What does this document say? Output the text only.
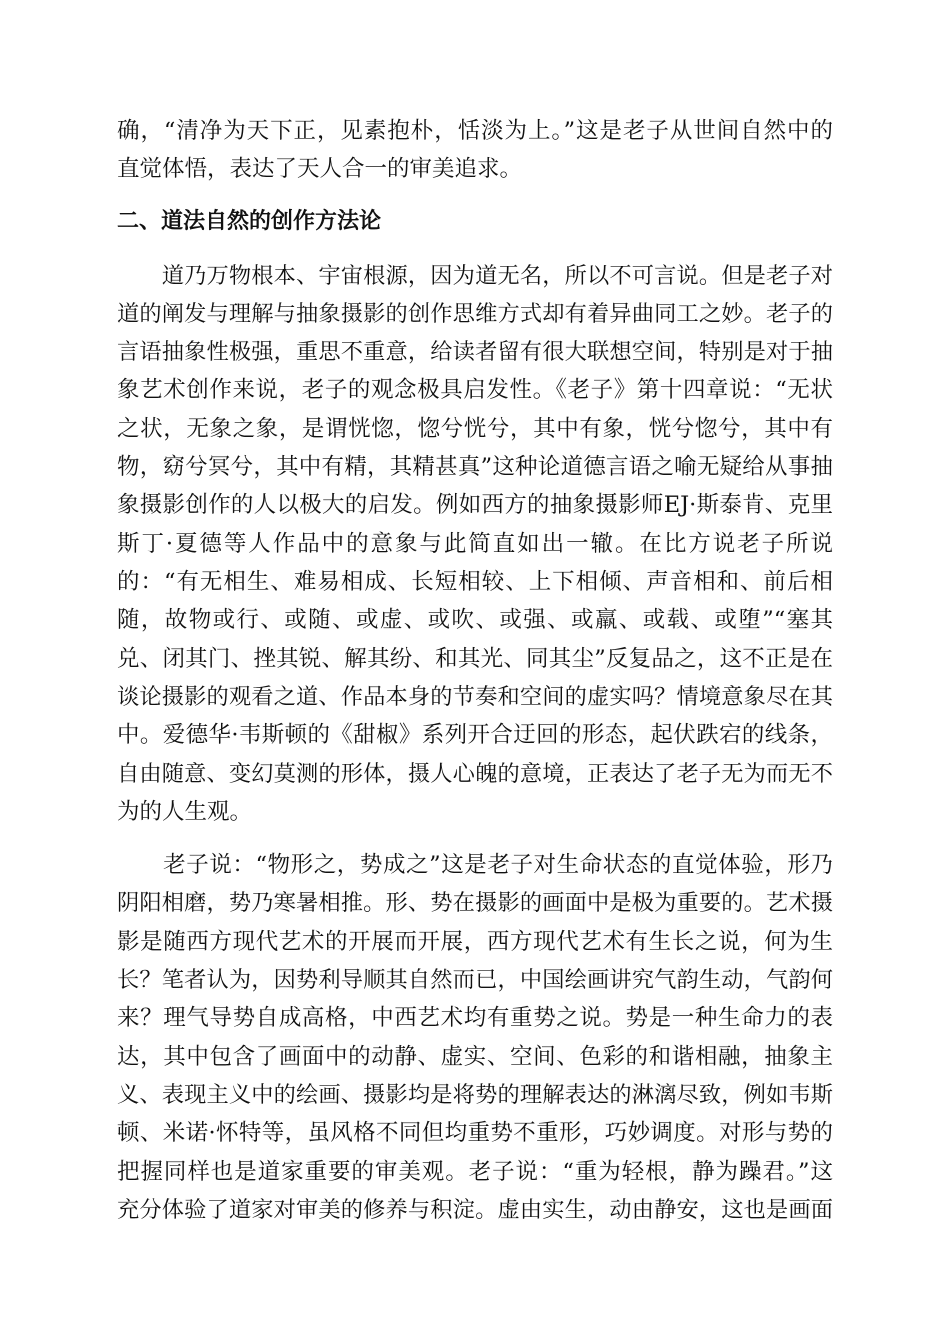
确，“清净为天下正，见素抱朴，恬淡为上。”这是老子从世间自然中的
直觉体悟，表达了天人合一的审美追求。
二、道法自然的创作方法论
　　道乃万物根本、宇宙根源，因为道无名，所以不可言说。但是老子对
道的阐发与理解与抽象摄影的创作思维方式却有着异曲同工之妙。老子的
言语抽象性极强，重思不重意，给读者留有很大联想空间，特别是对于抽
象艺术创作来说，老子的观念极具启发性。《老子》第十四章说：“无状
之状，无象之象，是谓恍惚，惚兮恍兮，其中有象，恍兮惚兮，其中有
物，窈兮冥兮，其中有精，其精甚真”这种论道德言语之喻无疑给从事抽
象摄影创作的人以极大的启发。例如西方的抽象摄影师EJ·斯泰肯、克里
斯丁·夏德等人作品中的意象与此简直如出一辙。在比方说老子所说
的：“有无相生、难易相成、长短相较、上下相倾、声音相和、前后相
随，故物或行、或随、或虚、或吹、或强、或羸、或载、或堕”“塞其
兑、闭其门、挫其锐、解其纷、和其光、同其尘”反复品之，这不正是在
谈论摄影的观看之道、作品本身的节奏和空间的虚实吗？情境意象尽在其
中。爱德华·韦斯顿的《甜椒》系列开合迂回的形态，起伏跌宕的线条，
自由随意、变幻莫测的形体，摄人心魄的意境，正表达了老子无为而无不
为的人生观。
　　老子说：“物形之，势成之”这是老子对生命状态的直觉体验，形乃
阴阳相磨，势乃寒暑相推。形、势在摄影的画面中是极为重要的。艺术摄
影是随西方现代艺术的开展而开展，西方现代艺术有生长之说，何为生
长？笔者认为，因势利导顺其自然而已，中国绘画讲究气韵生动，气韵何
来？理气导势自成高格，中西艺术均有重势之说。势是一种生命力的表
达，其中包含了画面中的动静、虚实、空间、色彩的和谐相融，抽象主
义、表现主义中的绘画、摄影均是将势的理解表达的淋漓尽致，例如韦斯
顿、米诺·怀特等，虽风格不同但均重势不重形，巧妙调度。对形与势的
把握同样也是道家重要的审美观。老子说：“重为轻根，静为躁君。”这
充分体验了道家对审美的修养与积淀。虚由实生，动由静安，这也是画面
